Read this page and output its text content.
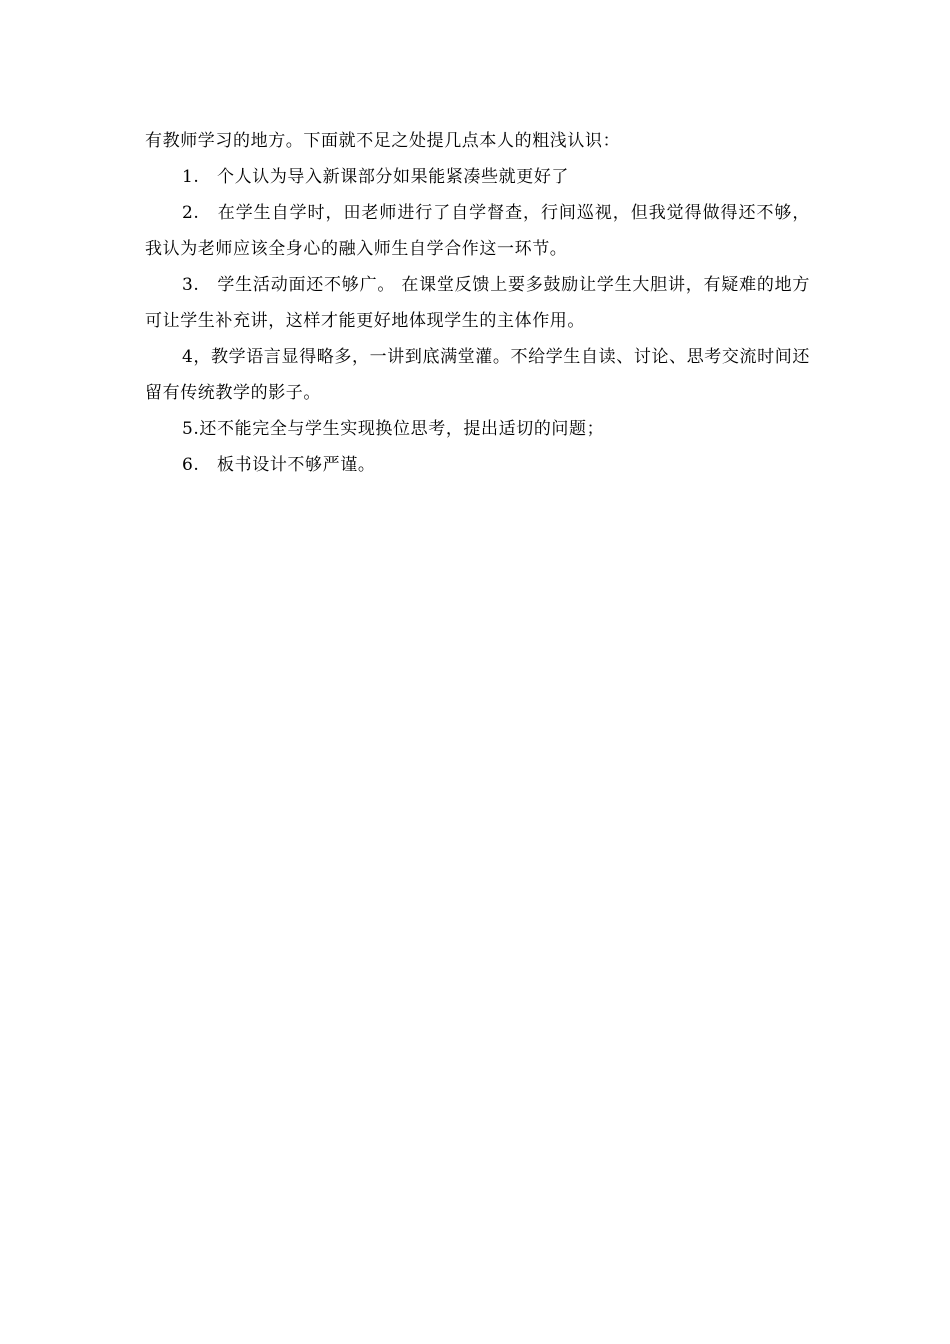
有教师学习的地方。下面就不足之处提几点本人的粗浅认识：

1.　个人认为导入新课部分如果能紧凑些就更好了

2.　在学生自学时，田老师进行了自学督查，行间巡视，但我觉得做得还不够，我认为老师应该全身心的融入师生自学合作这一环节。

3.　学生活动面还不够广。 在课堂反馈上要多鼓励让学生大胆讲，有疑难的地方可让学生补充讲，这样才能更好地体现学生的主体作用。

4，教学语言显得略多，一讲到底满堂灌。不给学生自读、讨论、思考交流时间还留有传统教学的影子。

5.还不能完全与学生实现换位思考，提出适切的问题；

6.　板书设计不够严谨。
